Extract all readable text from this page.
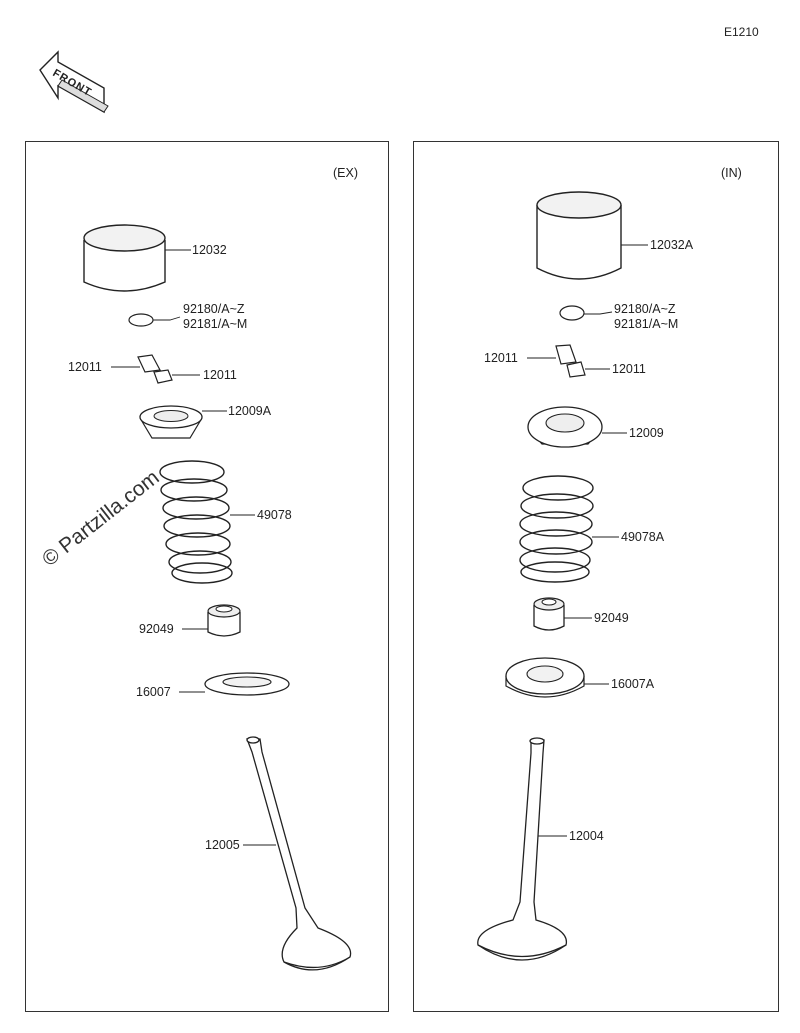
E1210
FRONT
(EX)
12032
92180/A~Z
92181/A~M
12011
12011
12009A
49078
92049
16007
12005
(IN)
12032A
92180/A~Z
92181/A~M
12011
12011
12009
49078A
92049
16007A
12004
© Partzilla.com
